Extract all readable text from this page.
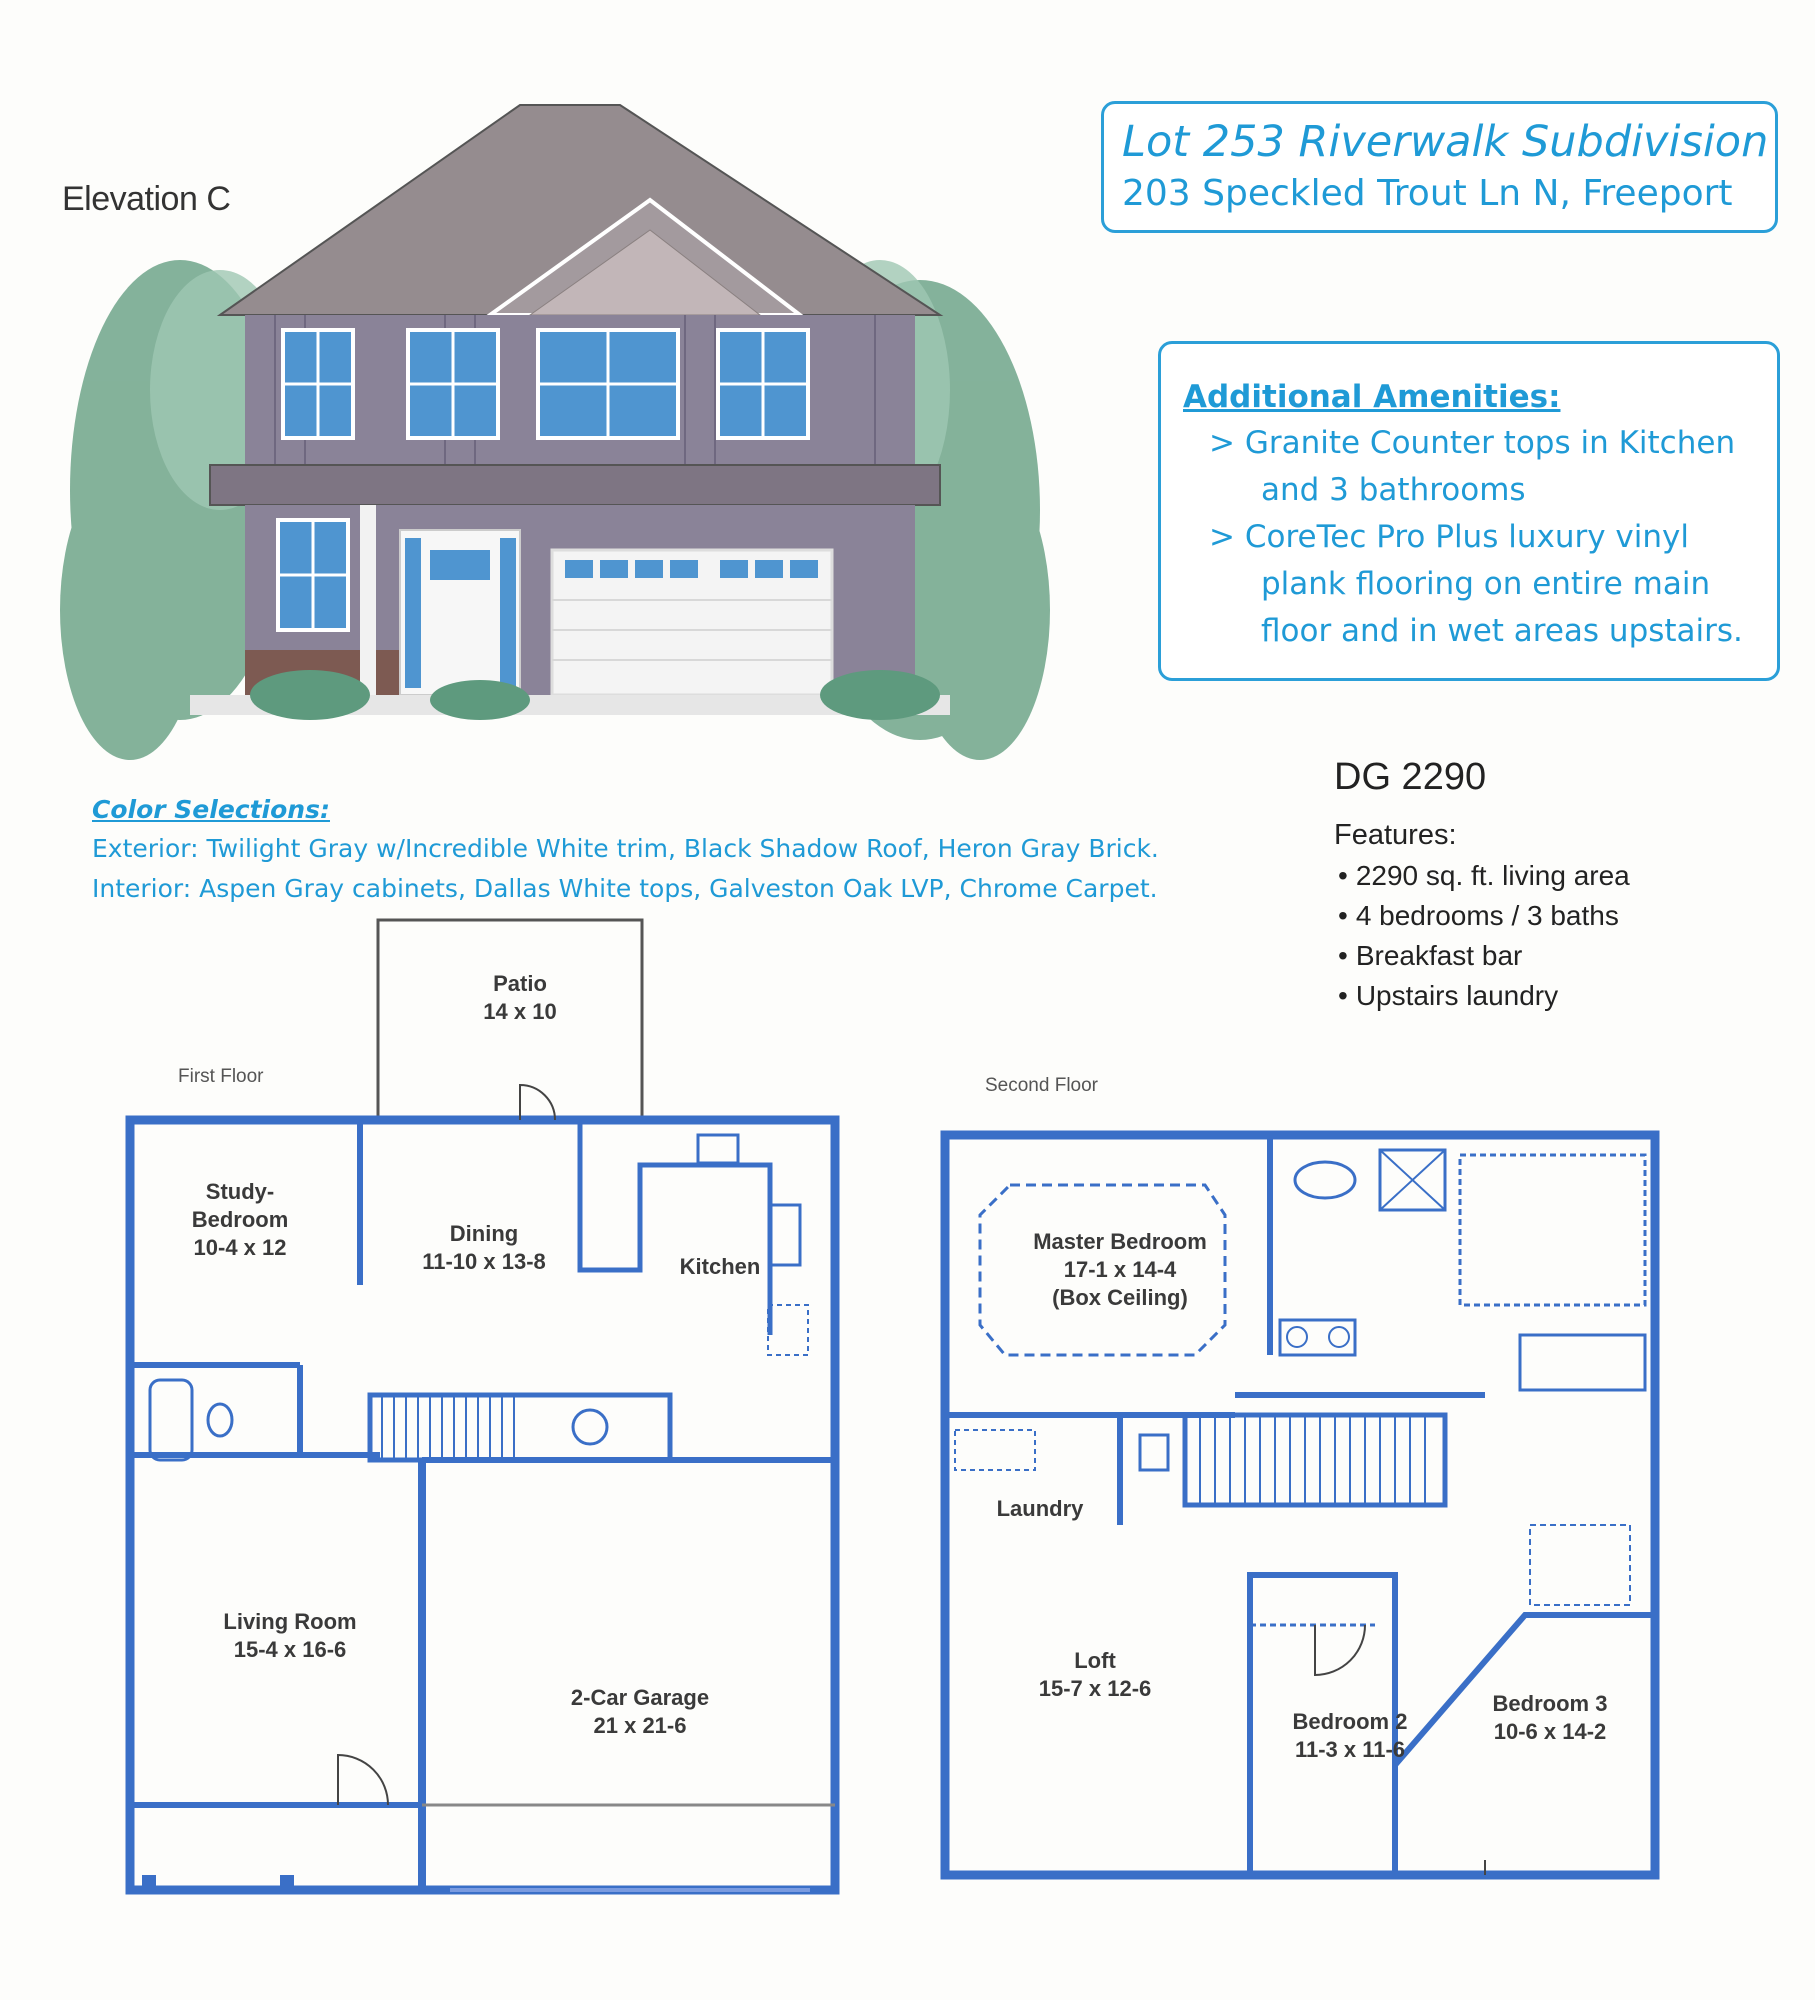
Elevation C
Lot 253 Riverwalk Subdivision
203 Speckled Trout Ln N, Freeport
Additional Amenities:
> Granite Counter tops in Kitchen
and 3 bathrooms
> CoreTec Pro Plus luxury vinyl
plank flooring on entire main
floor and in wet areas upstairs.
Color Selections:
Exterior: Twilight Gray w/Incredible White trim, Black Shadow Roof, Heron Gray Brick.
Interior: Aspen Gray cabinets, Dallas White tops, Galveston Oak LVP, Chrome Carpet.
DG 2290
Features:
• 2290 sq. ft. living area
• 4 bedrooms / 3 baths
• Breakfast bar
• Upstairs laundry
First Floor
Patio
14 x 10
Study-
Bedroom
10-4 x 12
Dining
11-10 x 13-8	Kitchen
Living Room
15-4 x 16-6
2-Car Garage
21 x 21-6
Second Floor
Master Bedroom
17-1 x 14-4
(Box Ceiling)
Laundry
Loft
15-7 x 12-6
Bedroom 2
11-3 x 11-6
Bedroom 3
10-6 x 14-2
